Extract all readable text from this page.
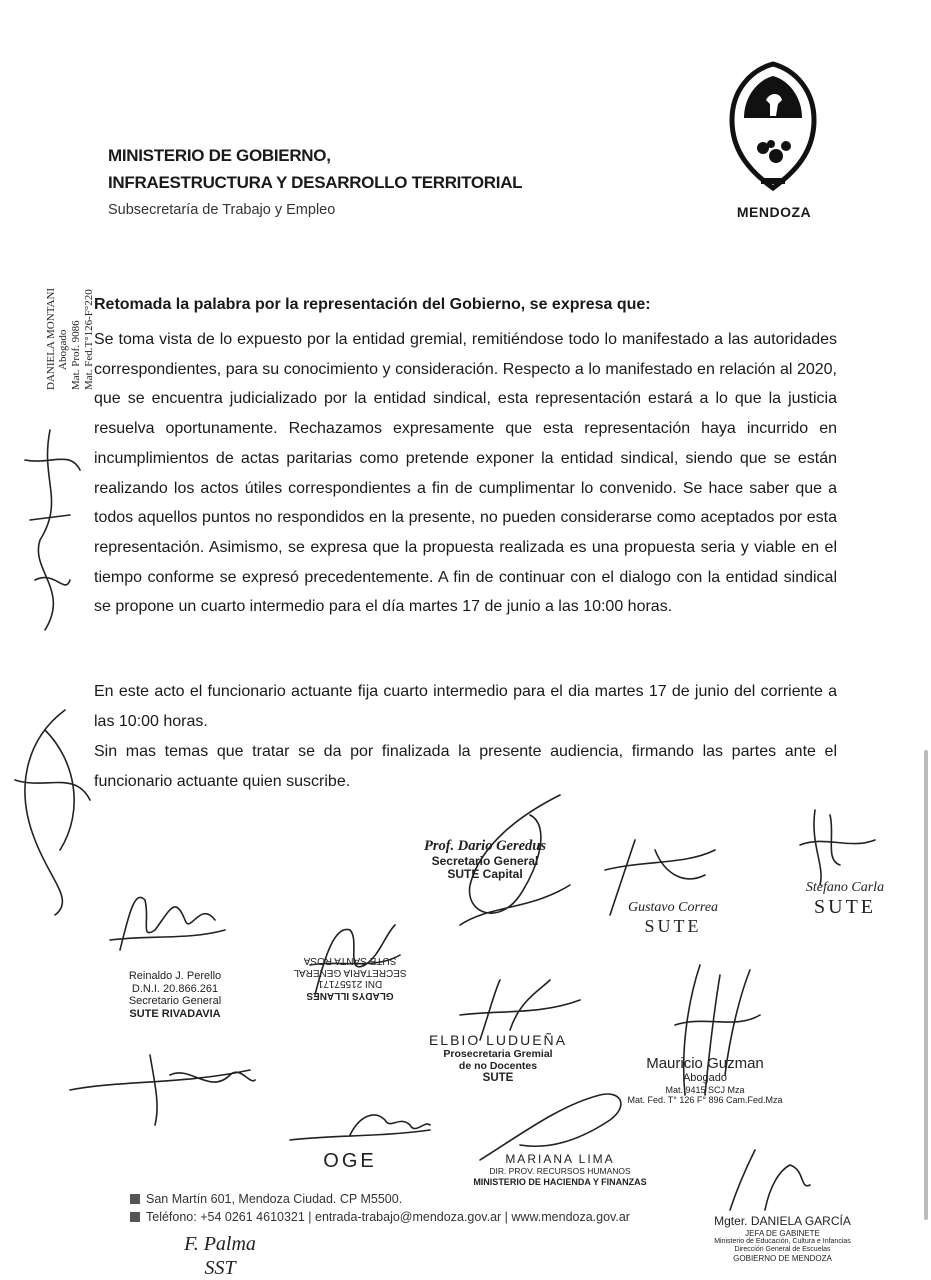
MINISTERIO DE GOBIERNO,
INFRAESTRUCTURA Y DESARROLLO TERRITORIAL
Subsecretaría de Trabajo y Empleo	MENDOZA
DANIELA MONTANI Abogado Mat. Prof. 9086 Mat. Fed.T°126-F°220 Retomada la palabra por la representación del Gobierno, se expresa que:
Se toma vista de lo expuesto por la entidad gremial, remitiéndose todo lo manifestado a las autoridades correspondientes, para su conocimiento y consideración. Respecto a lo manifestado en relación al 2020, que se encuentra judicializado por la entidad sindical, esta representación estará a lo que la justicia resuelva oportunamente. Rechazamos expresamente que esta representación haya incurrido en incumplimientos de actas paritarias como pretende exponer la entidad sindical, siendo que se están realizando los actos útiles correspondientes a fin de cumplimentar lo convenido. Se hace saber que a todos aquellos puntos no respondidos en la presente, no pueden considerarse como aceptados por esta representación. Asimismo, se expresa que la propuesta realizada es una propuesta seria y viable en el tiempo conforme se expresó precedentemente. A fin de continuar con el dialogo con la entidad sindical se propone un cuarto intermedio para el día martes 17 de junio a las 10:00 horas.
En este acto el funcionario actuante fija cuarto intermedio para el dia martes 17 de junio del corriente a las 10:00 horas.
Sin mas temas que tratar se da por finalizada la presente audiencia, firmando las partes ante el funcionario actuante quien suscribe.
Prof. Dario Geredus
Secretario General
SUTE Capital
Stefano Carla
SUTE
Gustavo Correa
SUTE
Reinaldo J. Perello
D.N.I. 20.866.261
Secretario General
SUTE RIVADAVIA
GLADYS ILLANES
DNI 21557171
SECRETARIA GENERAL
SUTE SANTA ROSA
ELBIO LUDUEÑA
Prosecretaria Gremial
de no Docentes
SUTE
Mauricio Guzman
Abogado
Mat. 9415 SCJ Mza
Mat. Fed. T° 126 F° 896 Cam.Fed.Mza
OGE	MARIANA LIMA
DIR. PROV. RECURSOS HUMANOS
MINISTERIO DE HACIENDA Y FINANZAS
Mgter. DANIELA GARCÍA
JEFA DE GABINETE
Ministerio de Educación, Cultura e Infancias
Dirección General de Escuelas
GOBIERNO DE MENDOZA
San Martín 601, Mendoza Ciudad. CP M5500.
Teléfono: +54 0261 4610321 | entrada-trabajo@mendoza.gov.ar | www.mendoza.gov.ar
F. Palma
SST
